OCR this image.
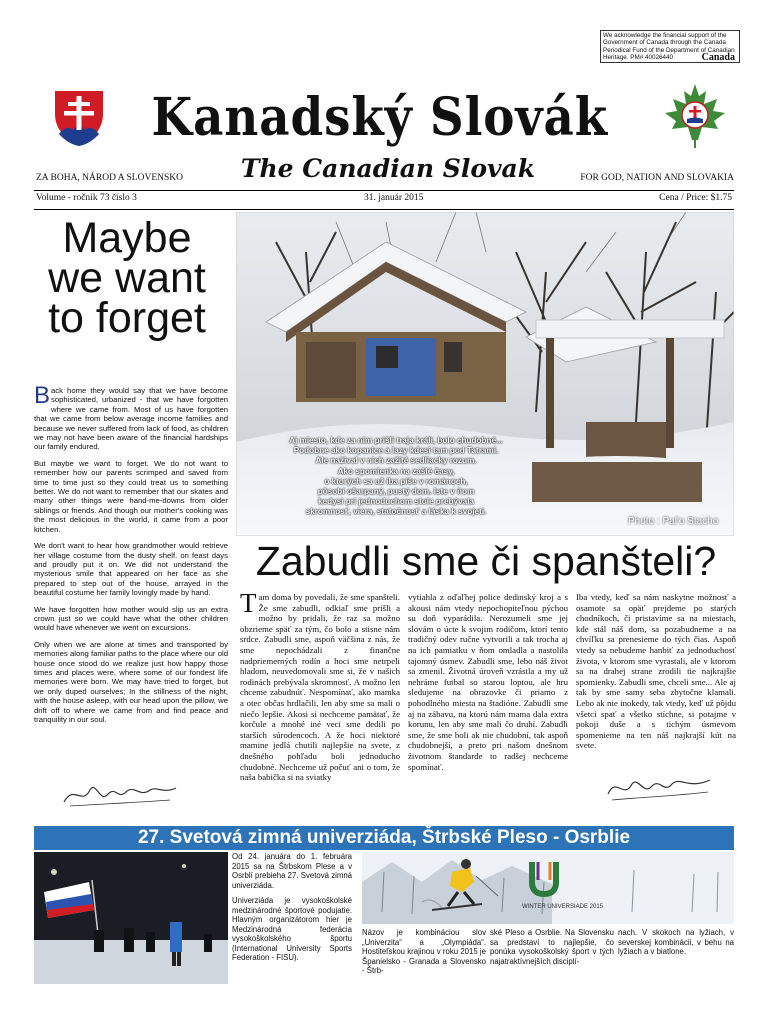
We acknowledge the financial support of the Government of Canada through the Canada Periodical Fund of the Department of Canadian Heritage. PM# 40026440	Canada
Kanadský Slovák
The Canadian Slovak
ZA BOHA, NÁROD A SLOVENSKO	FOR GOD, NATION AND SLOVAKIA
Volume - ročník 73 číslo 3	31. január 2015	Cena / Price: $1.75
Maybe we want to forget

Back home they would say that we have become sophisticated, urbanized - that we have forgotten where we came from. Most of us have forgotten that we came from below average income families and because we never suffered from lack of food, as children we may not have been aware of the financial hardships our family endured.

But maybe we want to forget. We do not want to remember how our parents scrimped and saved from time to time just so they could treat us to something better. We do not want to remember that our skates and many other things were hand-me-downs from older siblings or friends. And though our mother's cooking was the most delicious in the world, it came from a poor kitchen.

We don't want to hear how grandmother would retrieve her village costume from the dusty shelf. on feast days and proudly put it on. We did not understand the mysterious smile that appeared on her face as she prepared to step out of the house, arrayed in the beautiful costume her family lovingly made by hand.

We have forgotten how mother would slip us an extra crown just so we could have what the other children would have whenever we went on excursions.

Only when we are alone at times and transported by memories along familiar paths to the place where our old house once stood do we realize just how happy those times and places were, where some of our fondest life memories were born. We may have tried to forget, but we only duped ourselves; In the stillness of the night, with the house asleep, with our head upon the pillow, we drift off to where we came from and find peace and tranquility in our soul.

Aj miesto, kde za nim prišli traja králi, bolo chudobné...
Podobne ako kopanice a lazy kdesi tam pod Tatrami.
Ale nažival v nich zažité sedliacky rozum.
Ako spomienka na zašlé časy,
o ktorých sa už iba píše v románoch,
pôsobí ošarpaný, pustý dom. Iste v ňom
kedysi pri jednoduchom stole prebývala
skromnosť, viera, statočnosť a láska k svojeti.
Photo : Pal'o Stacho
Zabudli sme či spanšteli?

Tam doma by povedali, že sme spanšteli. Že sme zabudli, odkiaľ sme prišli a možno by pridali, že raz sa možno obzrieme späť za tým, čo bolo a stisne nám srdce. Zabudli sme, aspoň väčšina z nás, že sme nepochádzali z finančne nadpriemerných rodín a hoci sme netrpeli hladom, neuvedomovali sme si, že v našich rodinách prebývala skromnosť. A možno len chceme zabudnúť. Nespomínať, ako mamka a otec občas hrdlačili, len aby sme sa mali o niečo lepšie. Akosi si nechceme pamätať, že korčule a mnohé iné veci sme dedili po starších súrodencoch. A že hoci niektoré mamine jedlá chutili najlepšie na svete, z dnešného pohľadu boli jednoducho chudobné. Nechceme už počuť ani o tom, že naša babička si na sviatky

vytiahla z oďaľhej police dedinský kroj a s akousi nám vtedy nepochopiteľnou pýchou su doň vyparádila. Nerozumeli sme jej slovám o úcte k svojim rodičom, ktorí tento tradičný odev ručne vytvorili a tak trocha aj na ich pamiatku v ňom omladla a nastolila tajomný úsmev. Zabudli sme, lebo náš život sa zmenil. Životná úroveň vzrástla a my už nehráme futbal so starou loptou, ale hru sledujeme na obrazovke či priamo z pohodlného miesta na štadióne. Zabudli sme aj na zábavu, na ktorú nám mama dala extra korunu, len aby sme mali čo druhí. Zabudli sme, že sme boli ak nie chudobní, tak aspoň chudobnejší, a preto pri našom dnešnom životnom štandarde to radšej nechceme spomínať.

Iba vtedy, keď sa nám naskytne možnosť a osamote sa opäť prejdeme po starých chodníkoch, či pristavíme sa na miestach, kde stál náš dom, sa pozabudneme a na chvíľku sa prenesieme do tých čias. Aspoň vtedy sa nebudeme hanbiť za jednoduchosť života, v ktorom sme vyrastali, ale v ktorom sa na drahej strane zrodili tie najkrajšie spomienky. Zabudli sme, chceli sme... Ale aj tak by sme samy seba zbytočne klamali. Lebo ak nie inokedy, tak vtedy, keď už pôjdu všetci spať a všetko stíchne, si potajme v pokoji duše a s tichým úsmevom spomenieme na ten náš najkrajší kút na svete.

27. Svetová zimná univerziáda, Štrbské Pleso - Osrblie

Od 24. januára do 1. februára 2015 sa na Štrbskom Plese a v Osrblí prebieha 27. Svetová zimná univerziáda.

Univerziáda je vysokoškolské medzinárodné športové podujatie. Hlavným organizátorom hier je Medzinárodná federácia vysokoškolského športu (International University Sports Federation - FISU).

WINTER UNIVERSIADE 2015

Názov je kombináciou slov „Univerzita“ a „Olympiáda“. Hostiteľskou krajinou v roku 2015 je Španielsko - Granada a Slovensko - Štrb-

ské Pleso a Osrblie. Na Slovensku sa predstaví to najlepšie, čo ponúka vysokoškolský šport v tých najatraktívnejších disciplí-

nach. V skokoch na lyžiach, v severskej kombinácii, v behu na lyžiach a v biatlone.
